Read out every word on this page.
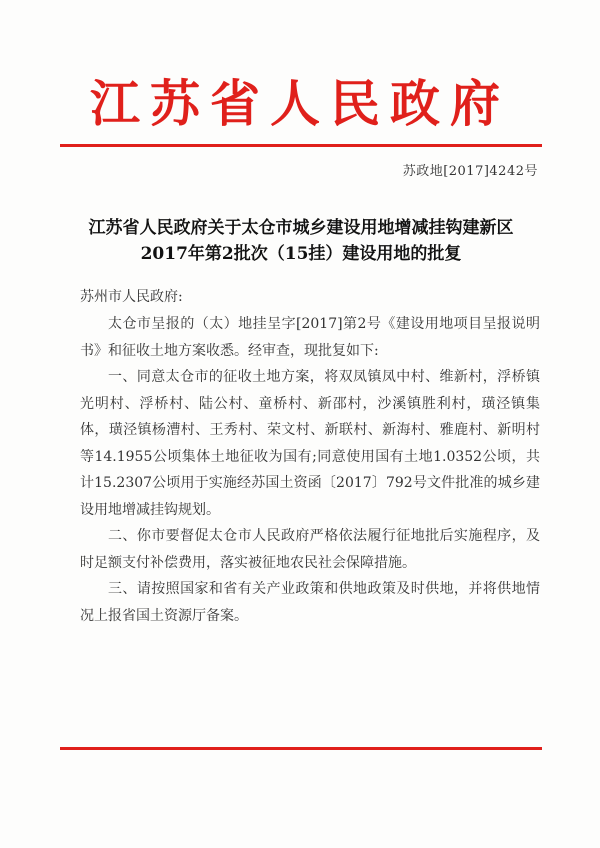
江苏省人民政府
苏政地[2017]4242号
江苏省人民政府关于太仓市城乡建设用地增减挂钩建新区
2017年第2批次（15挂）建设用地的批复
苏州市人民政府:

太仓市呈报的（太）地挂呈字[2017]第2号《建设用地项目呈报说明书》和征收土地方案收悉。经审查，现批复如下:

一、同意太仓市的征收土地方案，将双凤镇凤中村、维新村，浮桥镇光明村、浮桥村、陆公村、童桥村、新邵村，沙溪镇胜利村，璜泾镇集体，璜泾镇杨漕村、王秀村、荣文村、新联村、新海村、雅鹿村、新明村等14.1955公顷集体土地征收为国有;同意使用国有土地1.0352公顷，共计15.2307公顷用于实施经苏国土资函〔2017〕792号文件批准的城乡建设用地增减挂钩规划。

二、你市要督促太仓市人民政府严格依法履行征地批后实施程序，及时足额支付补偿费用，落实被征地农民社会保障措施。

三、请按照国家和省有关产业政策和供地政策及时供地，并将供地情况上报省国土资源厅备案。
